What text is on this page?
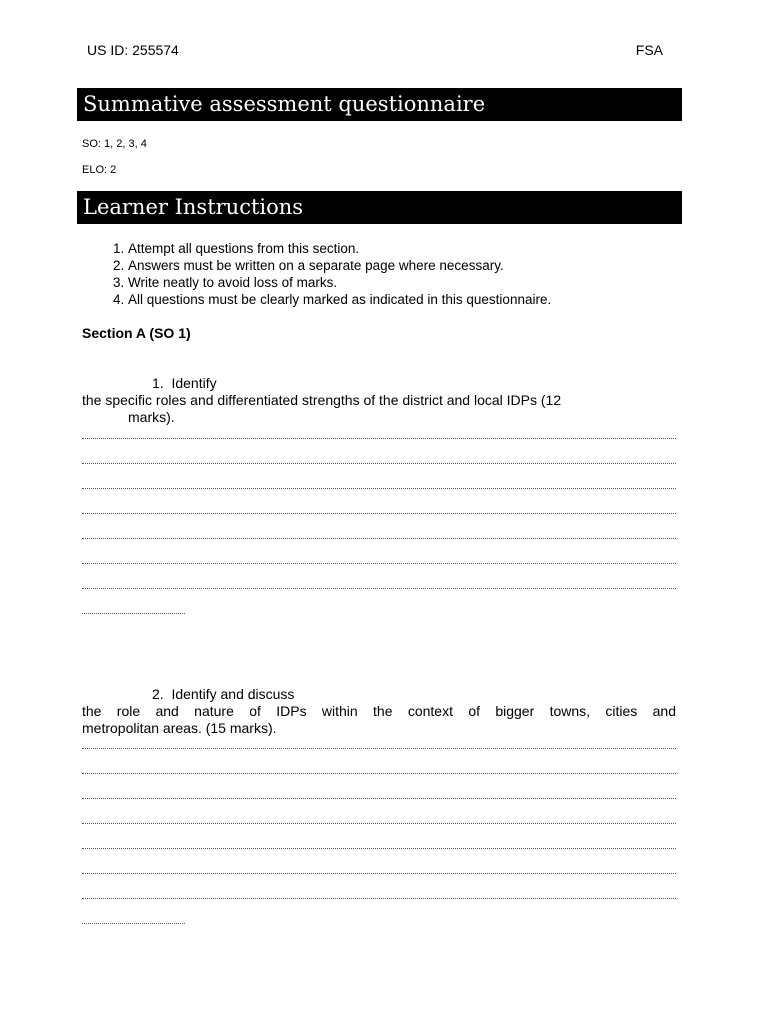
US ID: 255574	FSA
Summative assessment questionnaire
SO: 1, 2, 3, 4
ELO: 2
Learner Instructions
1. Attempt all questions from this section.
2. Answers must be written on a separate page where necessary.
3. Write neatly to avoid loss of marks.
4. All questions must be clearly marked as indicated in this questionnaire.
Section A (SO 1)
1. Identify
the specific roles and differentiated strengths of the district and local IDPs (12
marks).
2. Identify and discuss
the role and nature of IDPs within the context of bigger towns, cities and
metropolitan areas. (15 marks).
